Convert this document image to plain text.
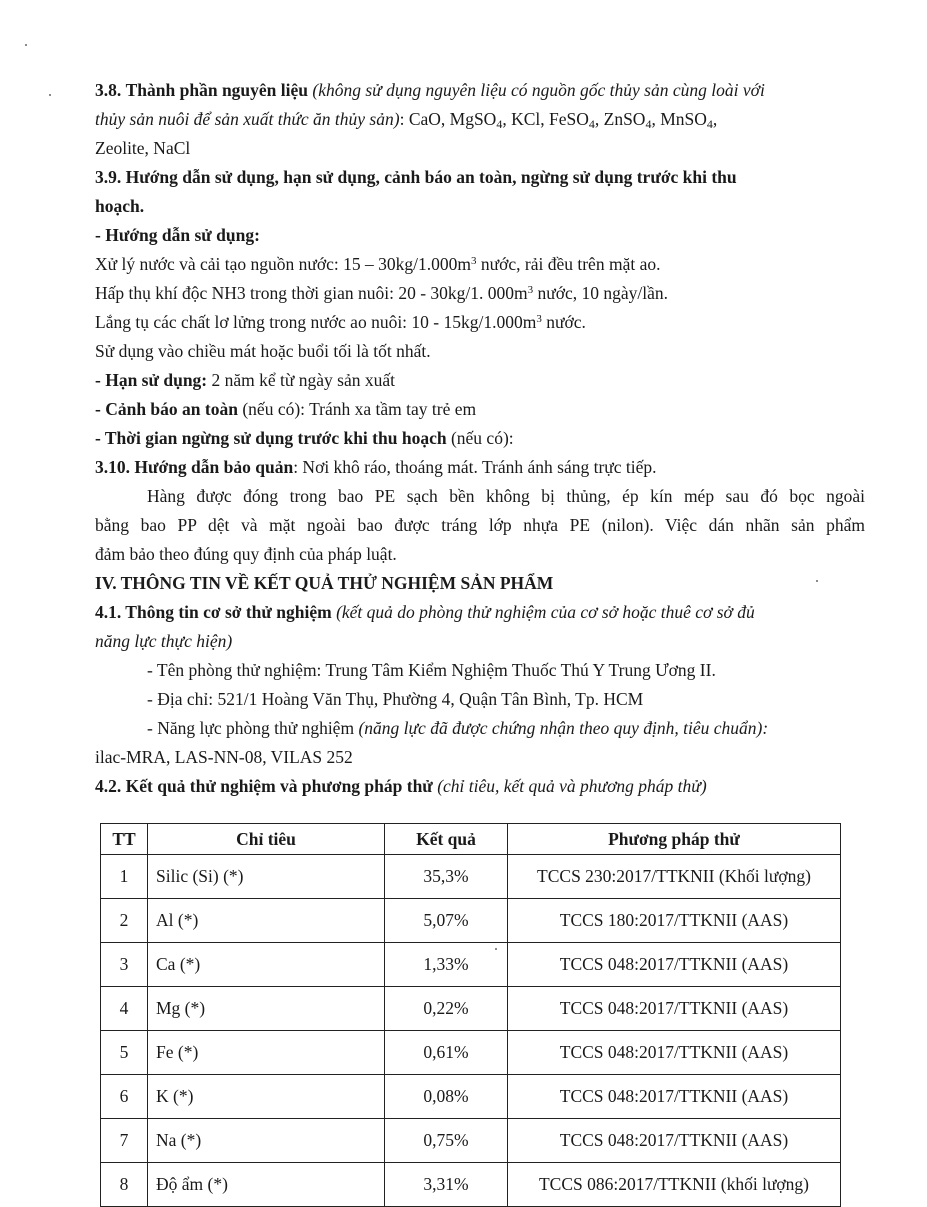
3.8. Thành phần nguyên liệu (không sử dụng nguyên liệu có nguồn gốc thủy sản cùng loài với
thủy sản nuôi để sản xuất thức ăn thủy sản): CaO, MgSO$_4$, KCl, FeSO$_4$, ZnSO$_4$, MnSO$_4$,
Zeolite, NaCl
3.9. Hướng dẫn sử dụng, hạn sử dụng, cảnh báo an toàn, ngừng sử dụng trước khi thu
hoạch.
- Hướng dẫn sử dụng:
Xử lý nước và cải tạo nguồn nước: $15 - 30kg/1.000m^3$ nước, rải đều trên mặt ao.
Hấp thụ khí độc NH3 trong thời gian nuôi: 20 - 30kg/1. $000m^3$ nước, 10 ngày/lần.
Lắng tụ các chất lơ lửng trong nước ao nuôi: $10 - 15kg/1.000m^3$ nước.
Sử dụng vào chiều mát hoặc buổi tối là tốt nhất.
- Hạn sử dụng: 2 năm kể từ ngày sản xuất
- Cảnh báo an toàn (nếu có): Tránh xa tầm tay trẻ em
- Thời gian ngừng sử dụng trước khi thu hoạch (nếu có):
3.10. Hướng dẫn bảo quản: Nơi khô ráo, thoáng mát. Tránh ánh sáng trực tiếp.
Hàng được đóng trong bao PE sạch bền không bị thủng, ép kín mép sau đó bọc ngoài
bằng bao PP dệt và mặt ngoài bao được tráng lớp nhựa PE (nilon). Việc dán nhãn sản phẩm
đảm bảo theo đúng quy định của pháp luật.
IV. THÔNG TIN VỀ KẾT QUẢ THỬ NGHIỆM SẢN PHẨM
4.1. Thông tin cơ sở thử nghiệm (kết quả do phòng thử nghiệm của cơ sở hoặc thuê cơ sở đủ
năng lực thực hiện)
- Tên phòng thử nghiệm: Trung Tâm Kiểm Nghiệm Thuốc Thú Y Trung Ương II.
- Địa chỉ: 521/1 Hoàng Văn Thụ, Phường 4, Quận Tân Bình, Tp. HCM
- Năng lực phòng thử nghiệm (năng lực đã được chứng nhận theo quy định, tiêu chuẩn):
ilac-MRA, LAS-NN-08, VILAS 252
4.2. Kết quả thử nghiệm và phương pháp thử (chỉ tiêu, kết quả và phương pháp thử)
TT	Chỉ tiêu	Kết quả	Phương pháp thử
1	Silic (Si) (*)	35,3%	TCCS 230:2017/TTKNII (Khối lượng)
2	Al (*)	5,07%	TCCS 180:2017/TTKNII (AAS)
3	Ca (*)	1,33%	TCCS 048:2017/TTKNII (AAS)
4	Mg (*)	0,22%	TCCS 048:2017/TTKNII (AAS)
5	Fe (*)	0,61%	TCCS 048:2017/TTKNII (AAS)
6	K (*)	0,08%	TCCS 048:2017/TTKNII (AAS)
7	Na (*)	0,75%	TCCS 048:2017/TTKNII (AAS)
8	Độ ẩm (*)	3,31%	TCCS 086:2017/TTKNII (khối lượng)
